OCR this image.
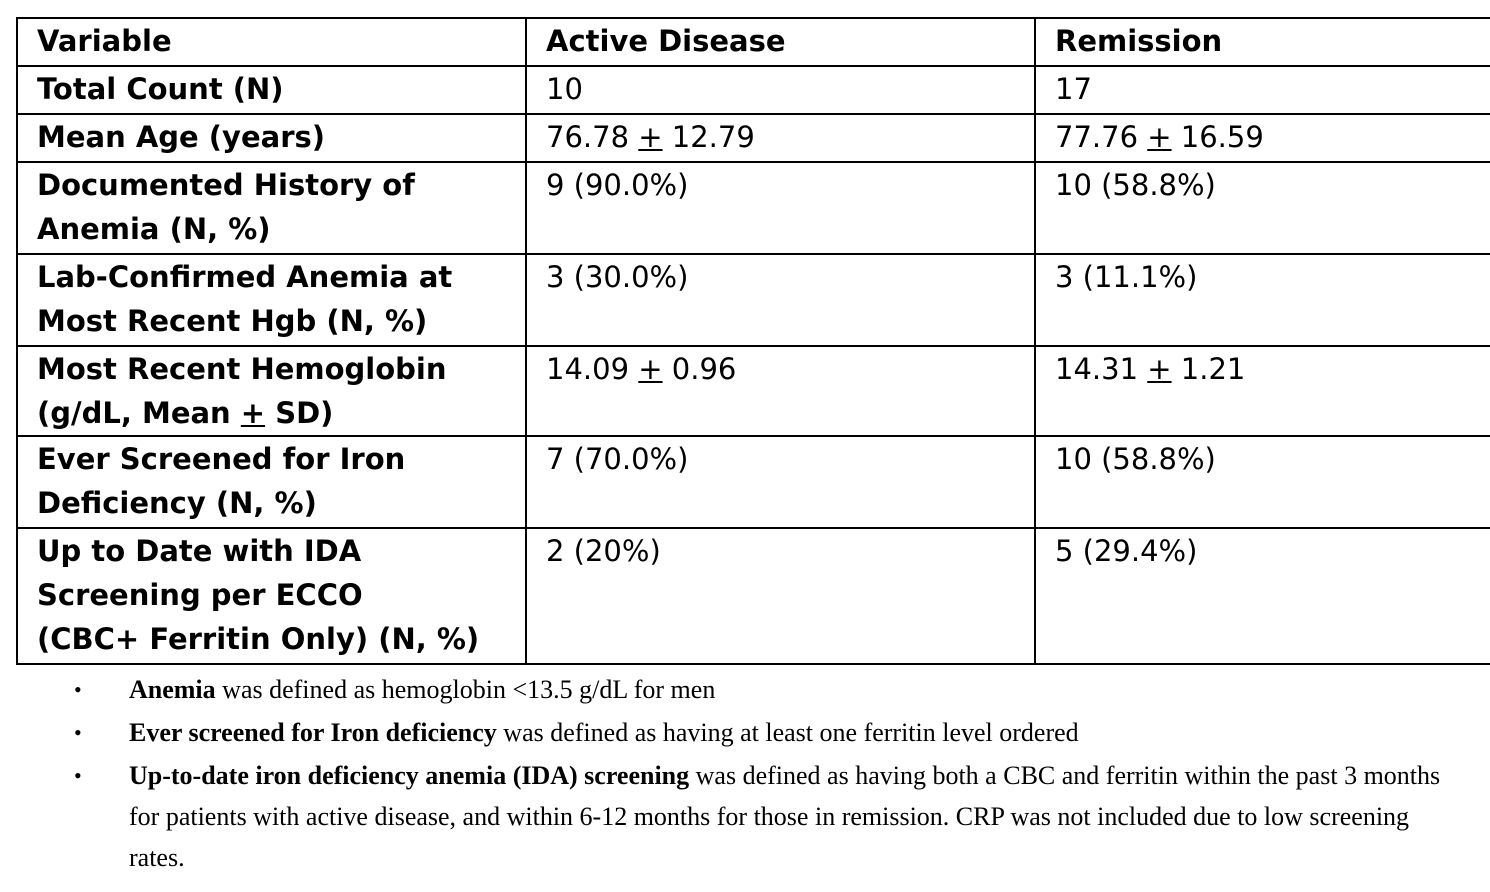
Variable	Active Disease	Remission
Total Count (N)	10	17
Mean Age (years)	76.78 + 12.79	77.76 + 16.59
Documented History of
Anemia (N, %)	9 (90.0%)	10 (58.8%)
Lab-Confirmed Anemia at
Most Recent Hgb (N, %)	3 (30.0%)	3 (11.1%)
Most Recent Hemoglobin
(g/dL, Mean + SD)	14.09 + 0.96	14.31 + 1.21
Ever Screened for Iron
Deficiency (N, %)	7 (70.0%)	10 (58.8%)
Up to Date with IDA
Screening per ECCO
(CBC+ Ferritin Only) (N, %)	2 (20%)	5 (29.4%)
• Anemia was defined as hemoglobin <13.5 g/dL for men
• Ever screened for Iron deficiency was defined as having at least one ferritin level ordered
• Up-to-date iron deficiency anemia (IDA) screening was defined as having both a CBC and ferritin within the past 3 months for patients with active disease, and within 6-12 months for those in remission. CRP was not included due to low screening rates.
